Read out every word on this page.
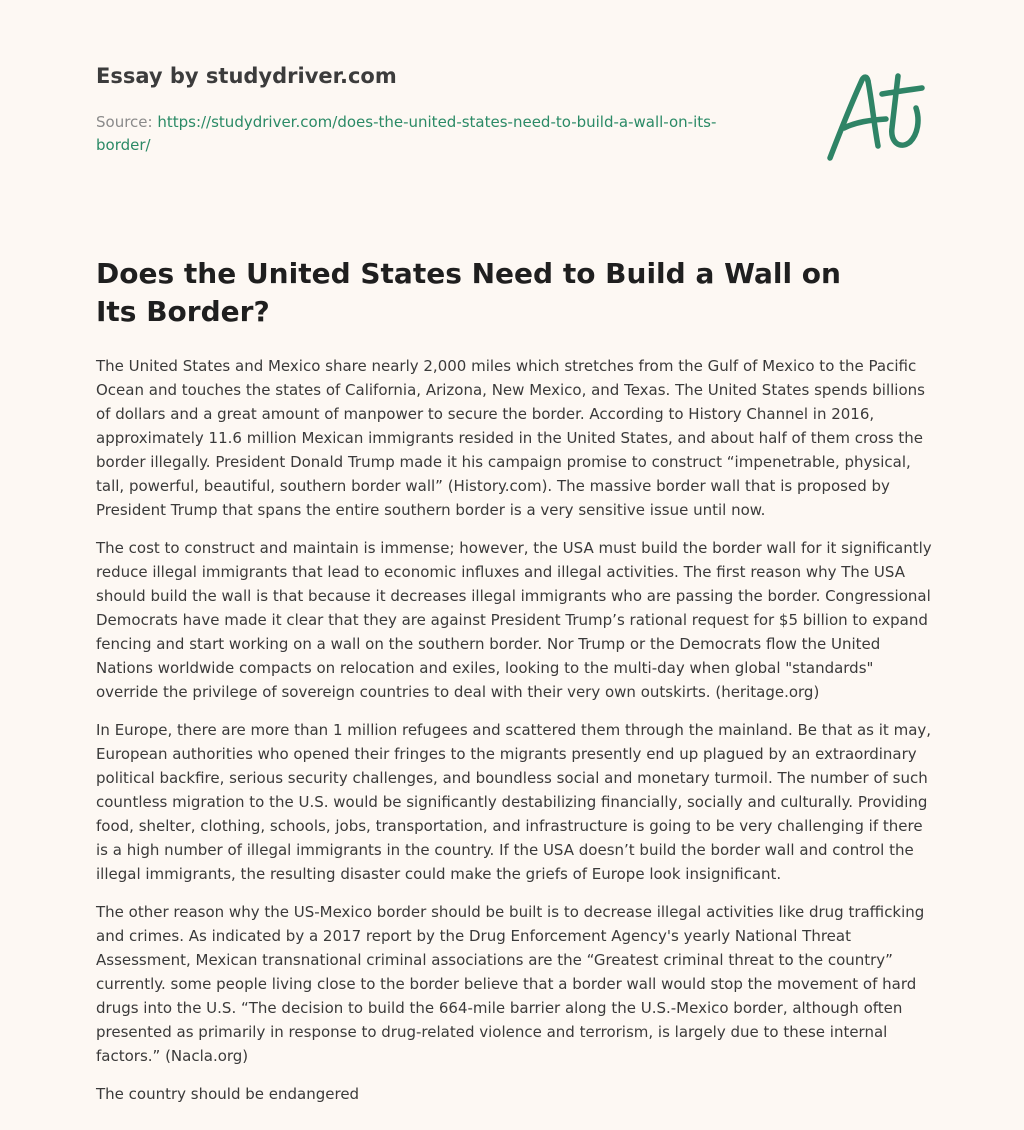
Essay by studydriver.com
Source: https://studydriver.com/does-the-united-states-need-to-build-a-wall-on-its-border/
Does the United States Need to Build a Wall on Its Border?

The United States and Mexico share nearly 2,000 miles which stretches from the Gulf of Mexico to the Pacific Ocean and touches the states of California, Arizona, New Mexico, and Texas. The United States spends billions of dollars and a great amount of manpower to secure the border. According to History Channel in 2016, approximately 11.6 million Mexican immigrants resided in the United States, and about half of them cross the border illegally. President Donald Trump made it his campaign promise to construct “impenetrable, physical, tall, powerful, beautiful, southern border wall” (History.com). The massive border wall that is proposed by President Trump that spans the entire southern border is a very sensitive issue until now.

The cost to construct and maintain is immense; however, the USA must build the border wall for it significantly reduce illegal immigrants that lead to economic influxes and illegal activities. The first reason why The USA should build the wall is that because it decreases illegal immigrants who are passing the border. Congressional Democrats have made it clear that they are against President Trump’s rational request for $5 billion to expand fencing and start working on a wall on the southern border. Nor Trump or the Democrats flow the United Nations worldwide compacts on relocation and exiles, looking to the multi-day when global "standards" override the privilege of sovereign countries to deal with their very own outskirts. (heritage.org)

In Europe, there are more than 1 million refugees and scattered them through the mainland. Be that as it may, European authorities who opened their fringes to the migrants presently end up plagued by an extraordinary political backfire, serious security challenges, and boundless social and monetary turmoil. The number of such countless migration to the U.S. would be significantly destabilizing financially, socially and culturally. Providing food, shelter, clothing, schools, jobs, transportation, and infrastructure is going to be very challenging if there is a high number of illegal immigrants in the country. If the USA doesn’t build the border wall and control the illegal immigrants, the resulting disaster could make the griefs of Europe look insignificant.

The other reason why the US-Mexico border should be built is to decrease illegal activities like drug trafficking and crimes. As indicated by a 2017 report by the Drug Enforcement Agency's yearly National Threat Assessment, Mexican transnational criminal associations are the “Greatest criminal threat to the country” currently. some people living close to the border believe that a border wall would stop the movement of hard drugs into the U.S. “The decision to build the 664-mile barrier along the U.S.-Mexico border, although often presented as primarily in response to drug-related violence and terrorism, is largely due to these internal factors.” (Nacla.org)

The country should be endangered
